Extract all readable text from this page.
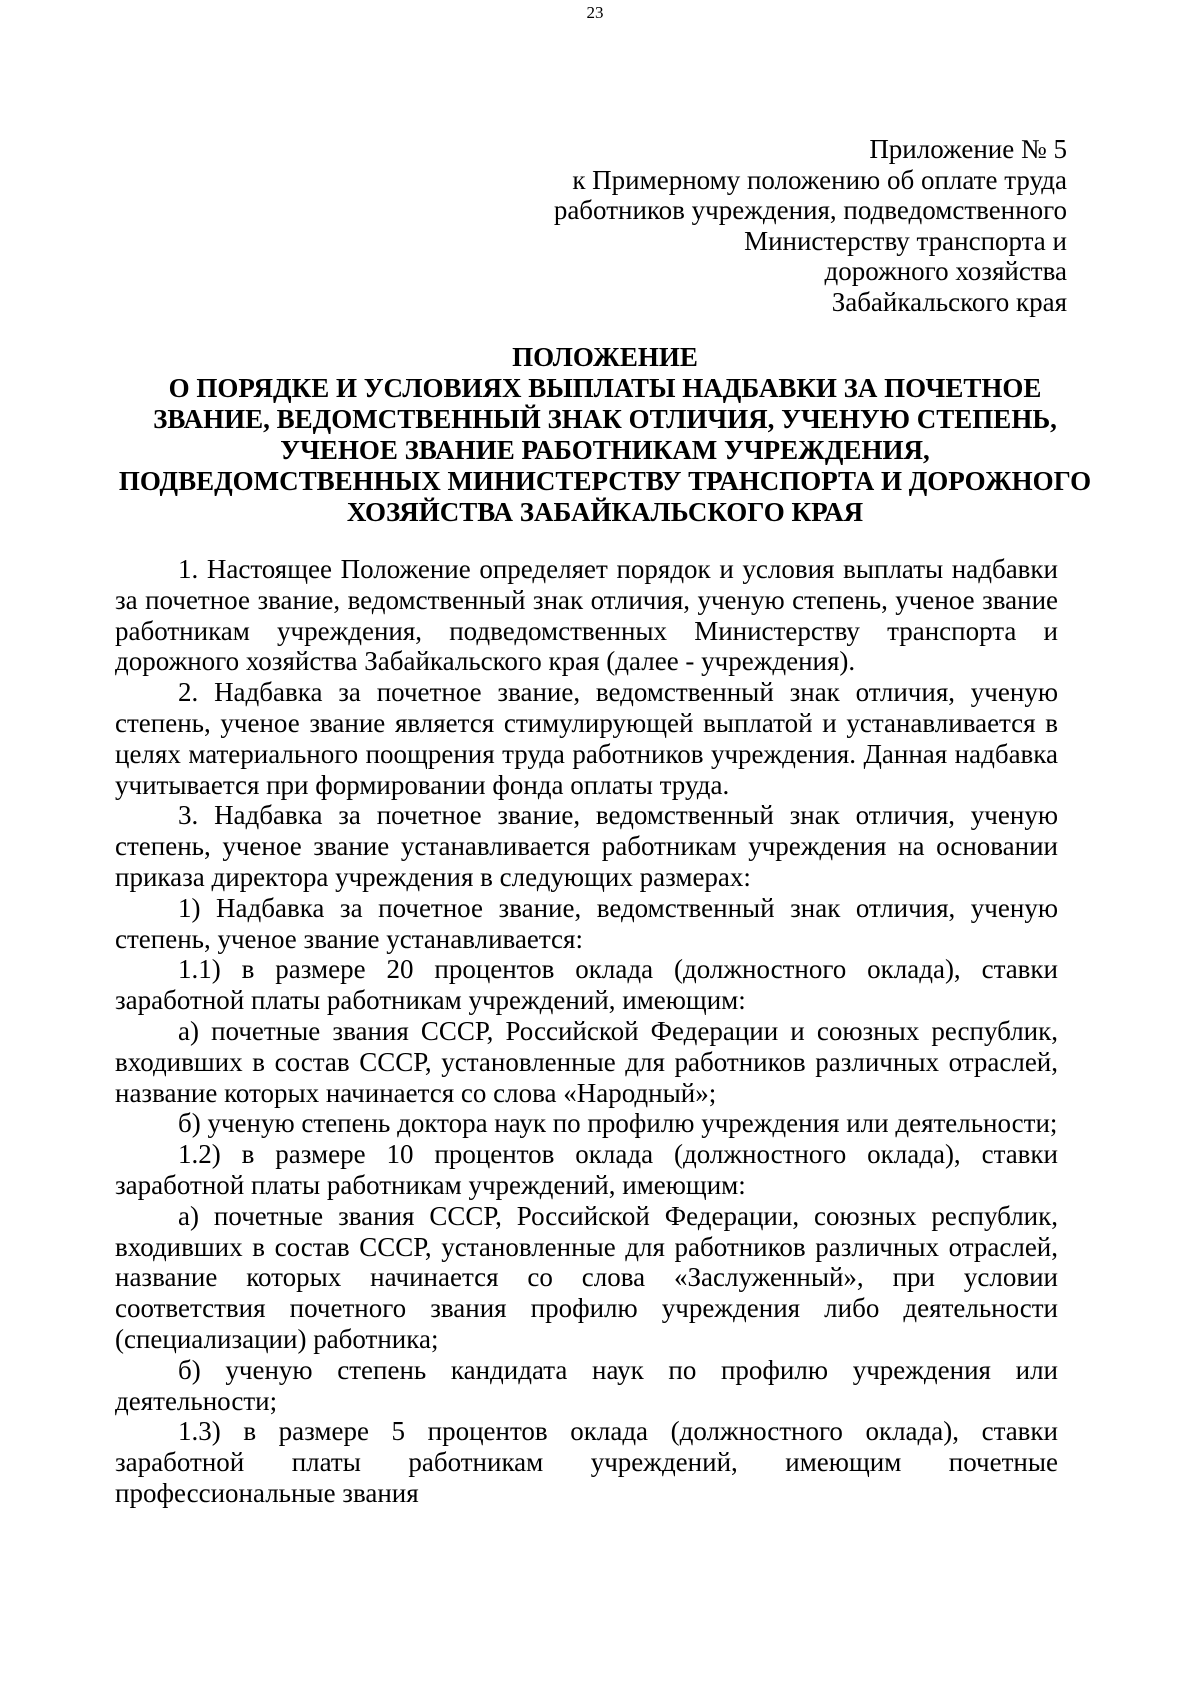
23
Приложение № 5
к Примерному положению об оплате труда
работников учреждения, подведомственного
Министерству транспорта и
дорожного хозяйства
Забайкальского края
ПОЛОЖЕНИЕ
О ПОРЯДКЕ И УСЛОВИЯХ ВЫПЛАТЫ НАДБАВКИ ЗА ПОЧЕТНОЕ
ЗВАНИЕ, ВЕДОМСТВЕННЫЙ ЗНАК ОТЛИЧИЯ, УЧЕНУЮ СТЕПЕНЬ,
УЧЕНОЕ ЗВАНИЕ РАБОТНИКАМ УЧРЕЖДЕНИЯ,
ПОДВЕДОМСТВЕННЫХ МИНИСТЕРСТВУ ТРАНСПОРТА И ДОРОЖНОГО
ХОЗЯЙСТВА ЗАБАЙКАЛЬСКОГО КРАЯ

1. Настоящее Положение определяет порядок и условия выплаты надбавки за почетное звание, ведомственный знак отличия, ученую степень, ученое звание работникам учреждения, подведомственных Министерству транспорта и дорожного хозяйства Забайкальского края (далее - учреждения).

2. Надбавка за почетное звание, ведомственный знак отличия, ученую степень, ученое звание является стимулирующей выплатой и устанавливается в целях материального поощрения труда работников учреждения. Данная надбавка учитывается при формировании фонда оплаты труда.

3. Надбавка за почетное звание, ведомственный знак отличия, ученую степень, ученое звание устанавливается работникам учреждения на основании приказа директора учреждения в следующих размерах:

1) Надбавка за почетное звание, ведомственный знак отличия, ученую степень, ученое звание устанавливается:

1.1) в размере 20 процентов оклада (должностного оклада), ставки заработной платы работникам учреждений, имеющим:

а) почетные звания СССР, Российской Федерации и союзных республик, входивших в состав СССР, установленные для работников различных отраслей, название которых начинается со слова «Народный»;

б) ученую степень доктора наук по профилю учреждения или деятельности;

1.2) в размере 10 процентов оклада (должностного оклада), ставки заработной платы работникам учреждений, имеющим:

а) почетные звания СССР, Российской Федерации, союзных республик, входивших в состав СССР, установленные для работников различных отраслей, название которых начинается со слова «Заслуженный», при условии соответствия почетного звания профилю учреждения либо деятельности (специализации) работника;

б) ученую степень кандидата наук по профилю учреждения или деятельности;

1.3) в размере 5 процентов оклада (должностного оклада), ставки заработной платы работникам учреждений, имеющим почетные профессиональные звания
